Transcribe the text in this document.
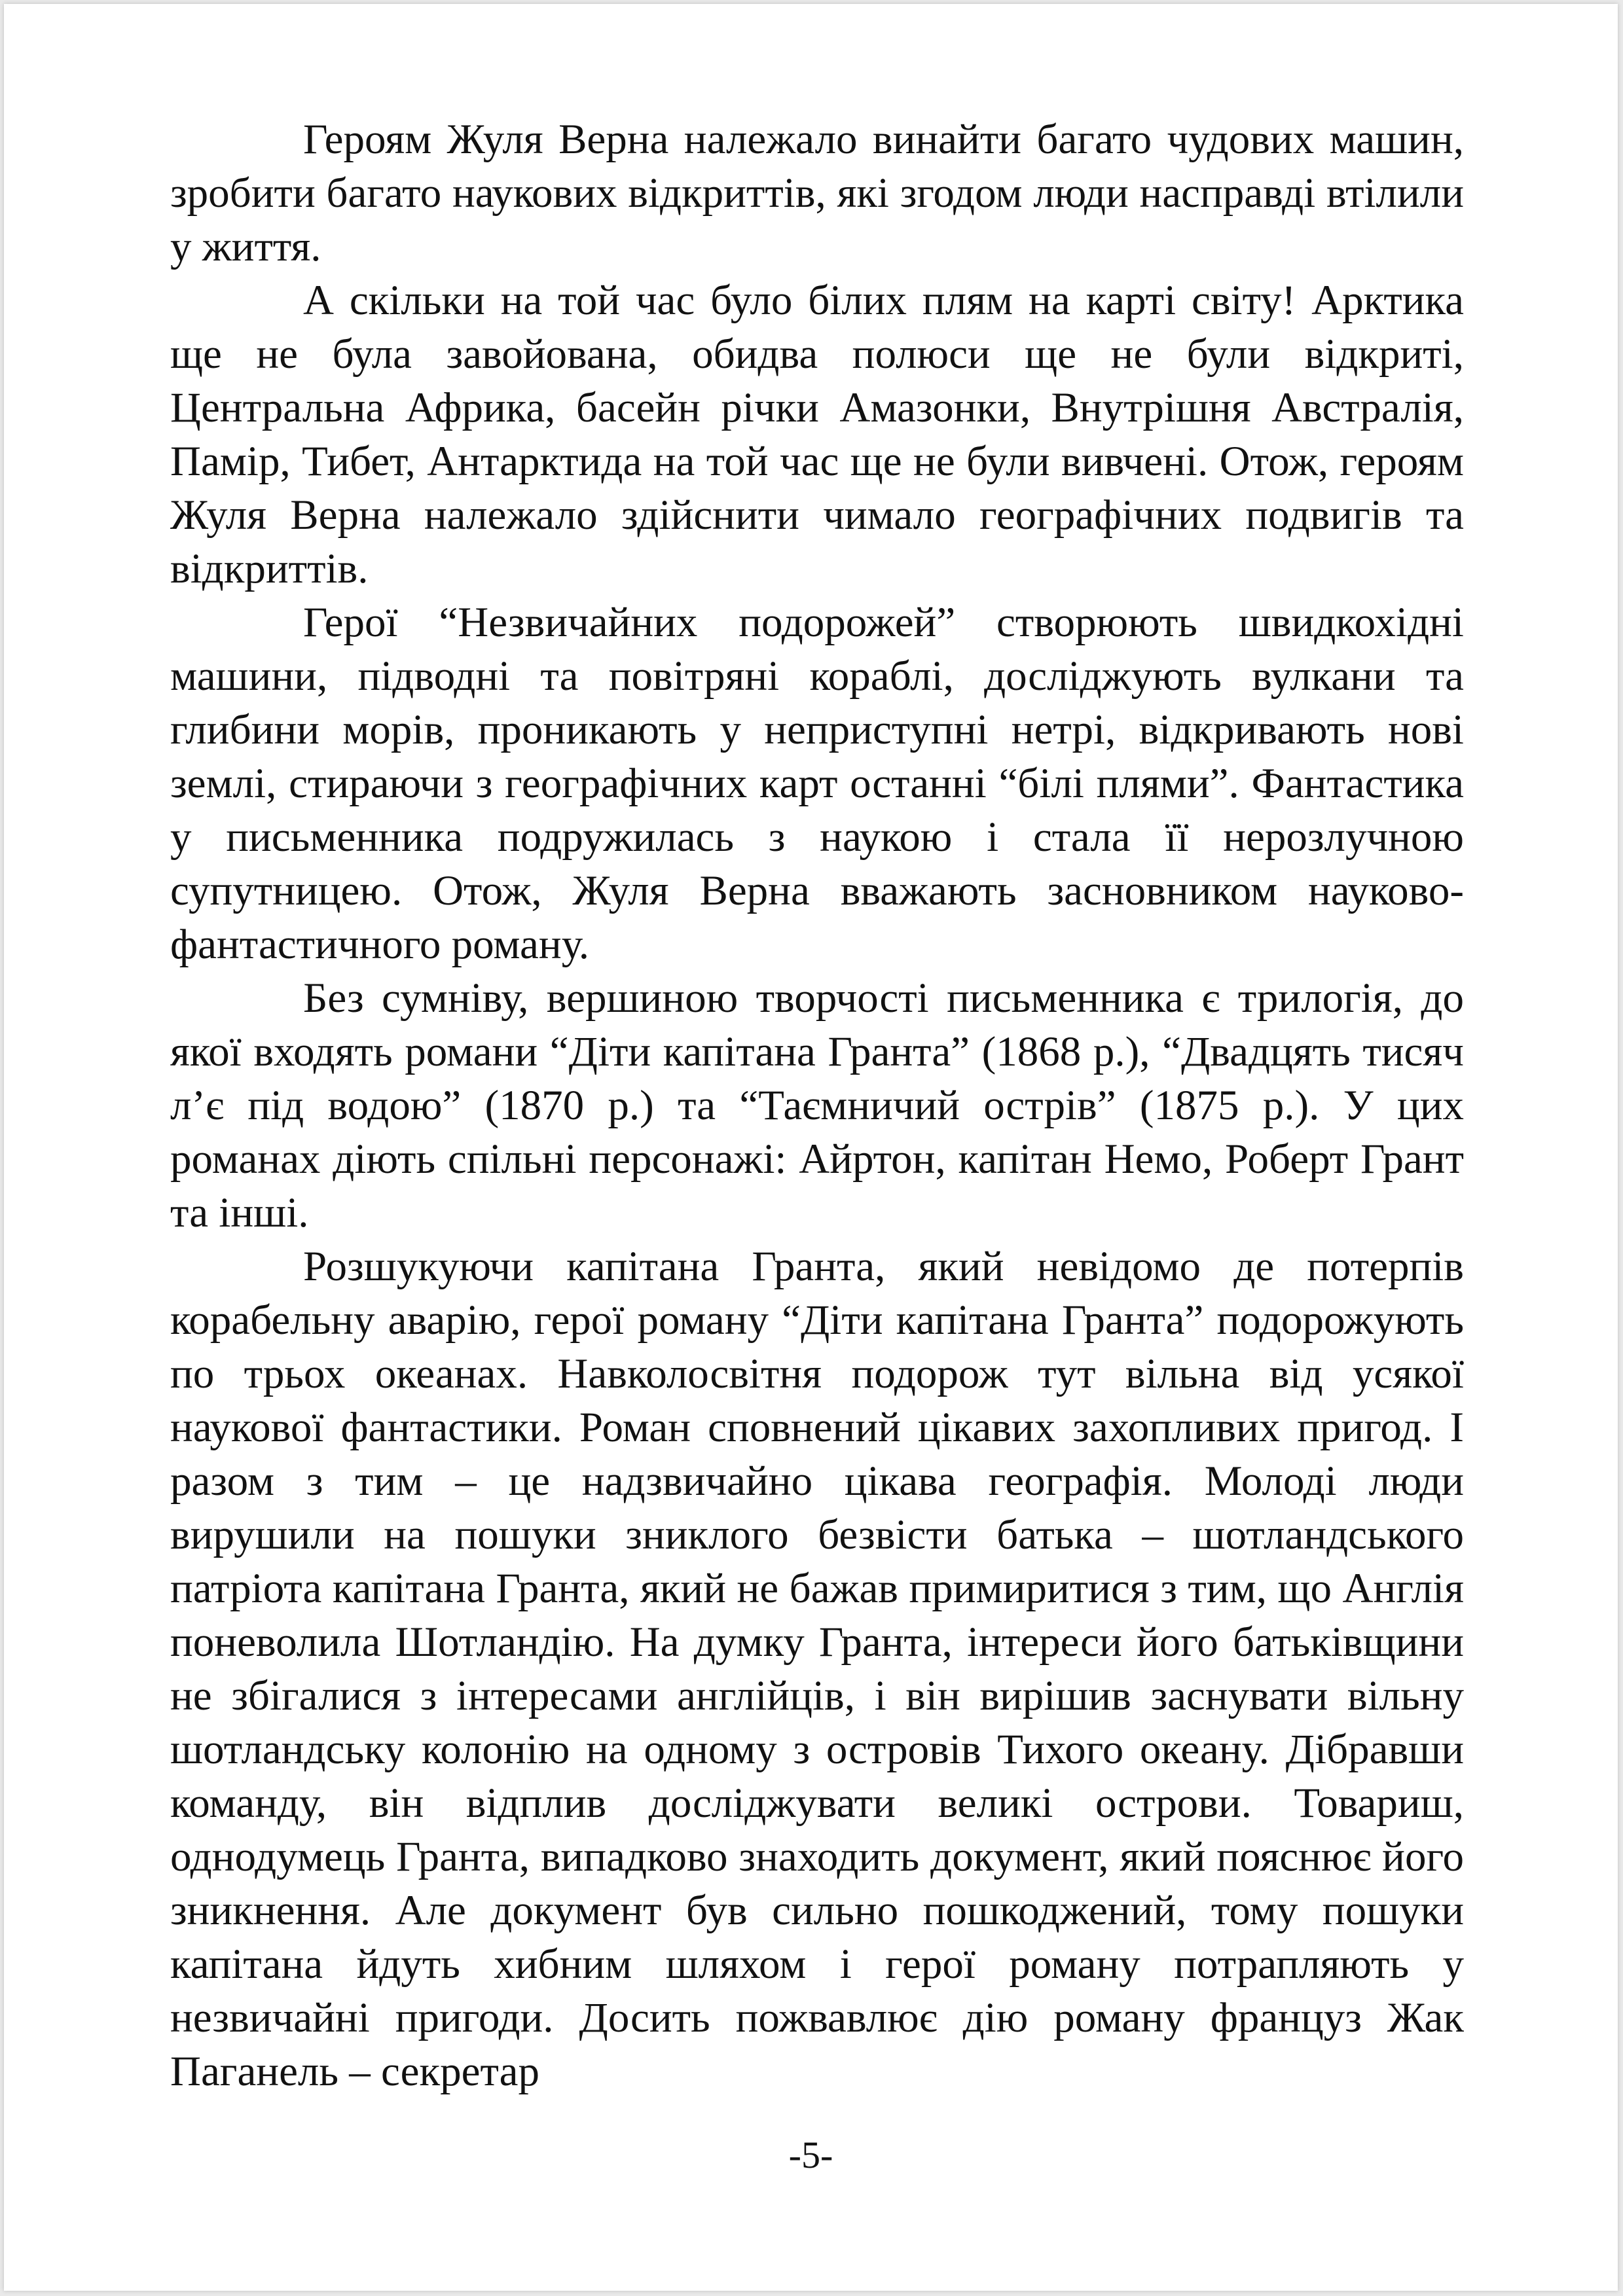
Героям Жуля Верна належало винайти багато чудових машин, зробити багато наукових відкриттів, які згодом люди насправді втілили у життя.

А скільки на той час було білих плям на карті світу! Арктика ще не була завойована, обидва полюси ще не були відкриті, Центральна Африка, басейн річки Амазонки, Внутрішня Австралія, Памір, Тибет, Антарктида на той час ще не були вивчені. Отож, героям Жуля Верна належало здійснити чимало географічних подвигів та відкриттів.

Герої “Незвичайних подорожей” створюють швидкохідні машини, підводні та повітряні кораблі, досліджують вулкани та глибини морів, проникають у неприступні нетрі, відкривають нові землі, стираючи з географічних карт останні “білі плями”. Фантастика у письменника подружилась з наукою і стала її нерозлучною супутницею. Отож, Жуля Верна вважають засновником науково-фантастичного роману.

Без сумніву, вершиною творчості письменника є трилогія, до якої входять романи “Діти капітана Гранта” (1868 р.), “Двадцять тисяч л’є під водою” (1870 р.) та “Таємничий острів” (1875 р.). У цих романах діють спільні персонажі: Айртон, капітан Немо, Роберт Грант та інші.

Розшукуючи капітана Гранта, який невідомо де потерпів корабельну аварію, герої роману “Діти капітана Гранта” подорожують по трьох океанах. Навколосвітня подорож тут вільна від усякої наукової фантастики. Роман сповнений цікавих захопливих пригод. І разом з тим – це надзвичайно цікава географія. Молоді люди вирушили на пошуки зниклого безвісти батька – шотландського патріота капітана Гранта, який не бажав примиритися з тим, що Англія поневолила Шотландію. На думку Гранта, інтереси його батьківщини не збігалися з інтересами англійців, і він вирішив заснувати вільну шотландську колонію на одному з островів Тихого океану. Дібравши команду, він відплив досліджувати великі острови. Товариш, однодумець Гранта, випадково знаходить документ, який пояснює його зникнення. Але документ був сильно пошкоджений, тому пошуки капітана йдуть хибним шляхом і герої роману потрапляють у незвичайні пригоди. Досить пожвавлює дію роману француз Жак Паганель – секретар

-5-
